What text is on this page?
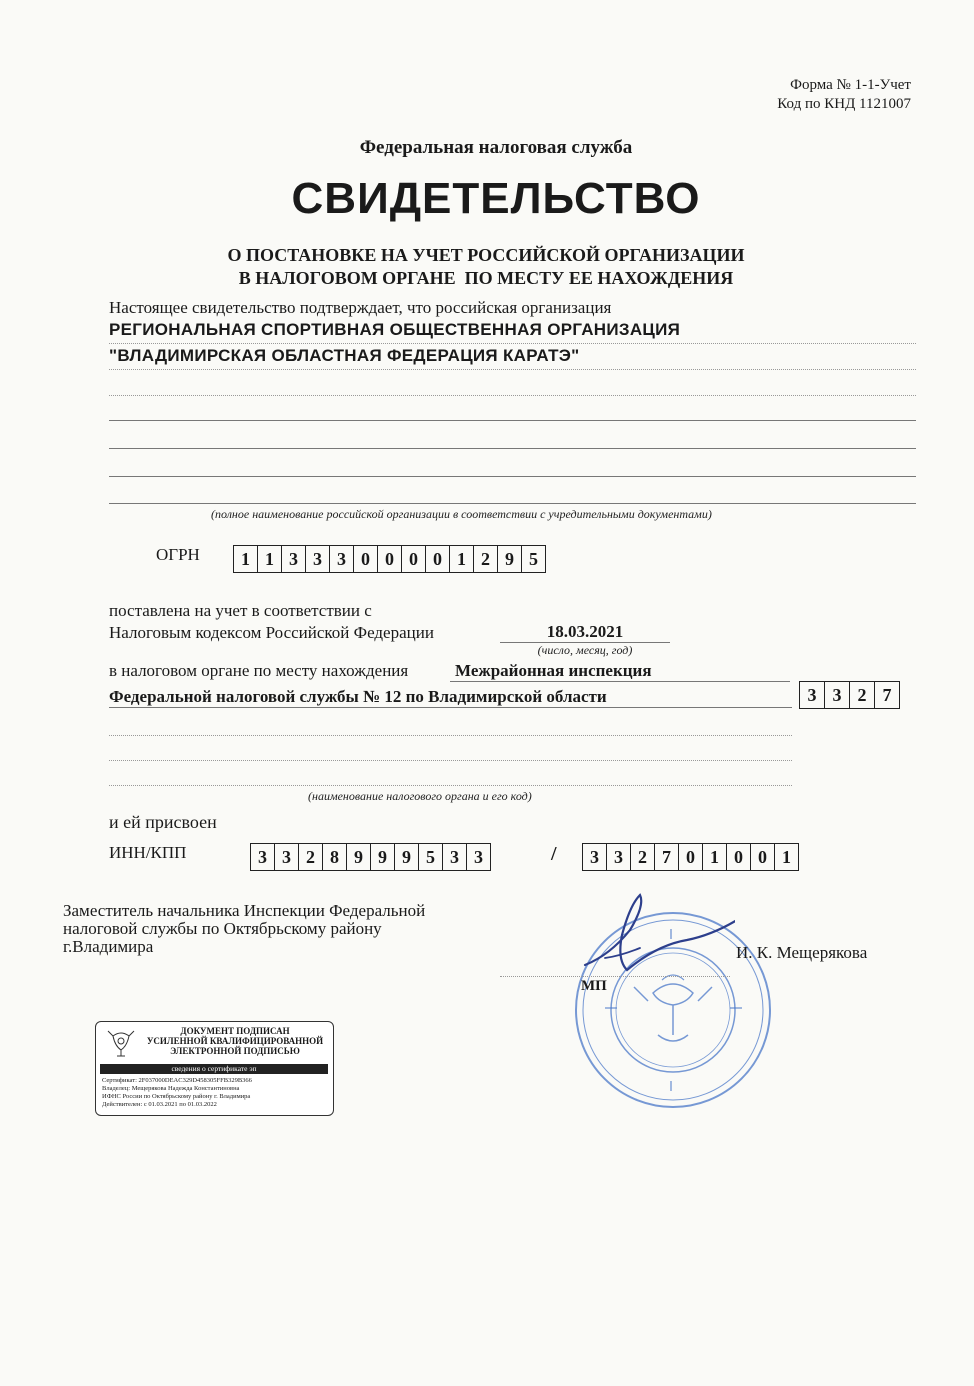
Форма № 1-1-Учет
Код по КНД 1121007
Федеральная налоговая служба
СВИДЕТЕЛЬСТВО
О ПОСТАНОВКЕ НА УЧЕТ РОССИЙСКОЙ ОРГАНИЗАЦИИ
В НАЛОГОВОМ ОРГАНЕ  ПО МЕСТУ ЕЕ НАХОЖДЕНИЯ
Настоящее свидетельство подтверждает, что российская организация
РЕГИОНАЛЬНАЯ СПОРТИВНАЯ ОБЩЕСТВЕННАЯ ОРГАНИЗАЦИЯ
"ВЛАДИМИРСКАЯ ОБЛАСТНАЯ ФЕДЕРАЦИЯ КАРАТЭ"
(полное наименование российской организации в соответствии с учредительными документами)
ОГРН	1 1 3 3 3 0 0 0 0 1 2 9 5
поставлена на учет в соответствии с
Налоговым кодексом Российской Федерации	18.03.2021
(число, месяц, год)
в налоговом органе по месту нахождения	Межрайонная инспекция
Федеральной налоговой службы № 12 по Владимирской области	3 3 2 7
(наименование налогового органа и его код)
и ей присвоен
ИНН/КПП	3 3 2 8 9 9 9 5 3 3	/	3 3 2 7 0 1 0 0 1
Заместитель начальника Инспекции Федеральной
налоговой службы по Октябрьскому району
г.Владимира	И. К. Мещерякова
МП
ДОКУМЕНТ ПОДПИСАН
УСИЛЕННОЙ КВАЛИФИЦИРОВАННОЙ
ЭЛЕКТРОННОЙ ПОДПИСЬЮ
сведения о сертификате эп
Сертификат: 2F037000DEAC329D458305FFB329B366
Владелец: Мещерякова Надежда Константиновна
ИФНС России по Октябрьскому району г. Владимира
Действителен: с 01.03.2021 по 01.03.2022
